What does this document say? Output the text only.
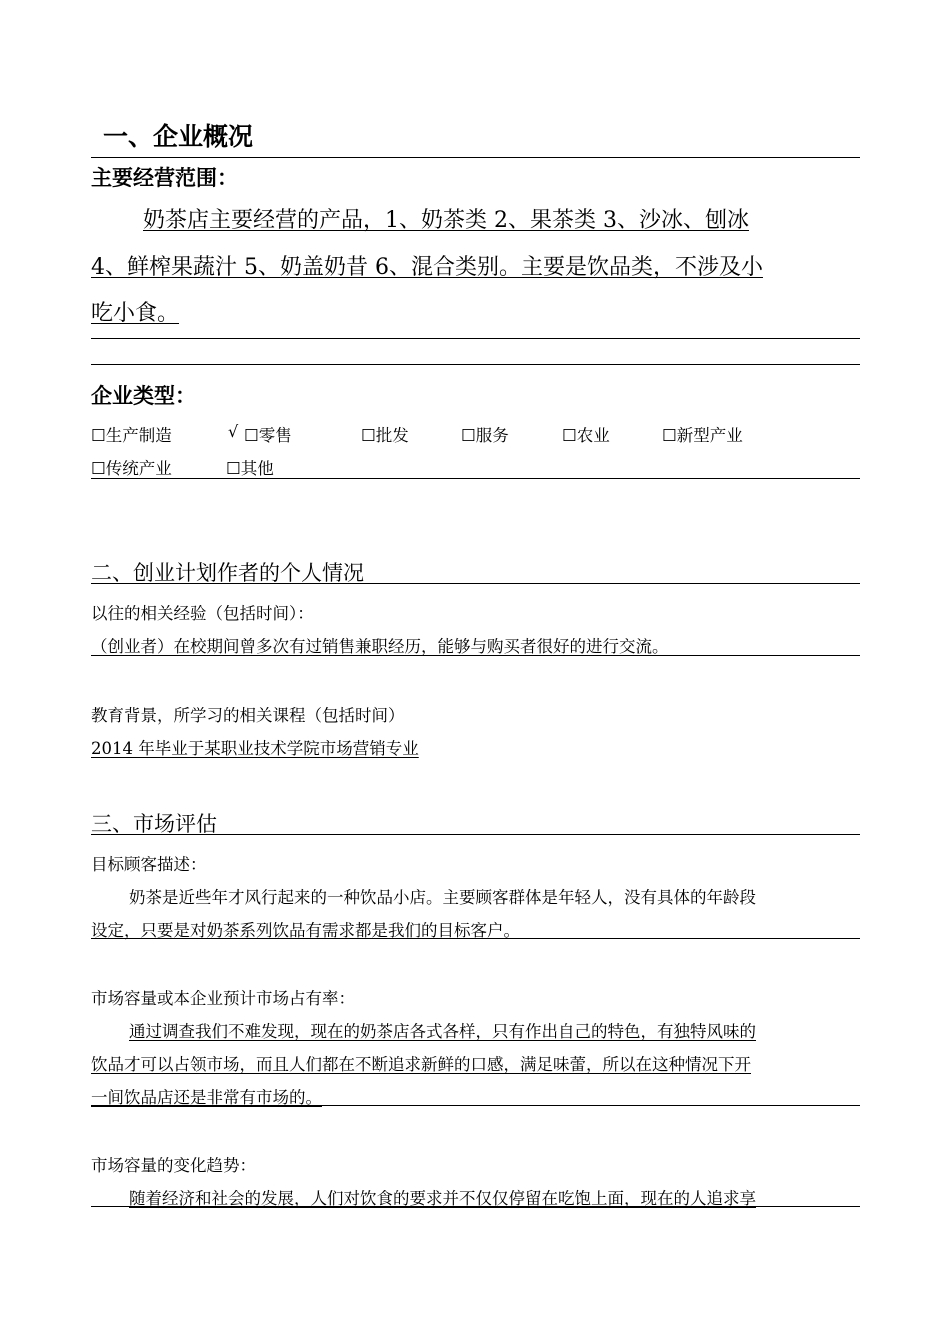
一、企业概况
主要经营范围：
奶茶店主要经营的产品，1、奶茶类 2、果茶类 3、沙冰、刨冰
4、鲜榨果蔬汁 5、奶盖奶昔 6、混合类别。主要是饮品类，不涉及小
吃小食。
企业类型：
☐生产制造	√ ☐零售	☐批发	☐服务	☐农业	☐新型产业
☐传统产业	☐其他
二、创业计划作者的个人情况
以往的相关经验（包括时间）：
（创业者）在校期间曾多次有过销售兼职经历，能够与购买者很好的进行交流。
教育背景，所学习的相关课程（包括时间）
2014 年毕业于某职业技术学院市场营销专业
三、市场评估
目标顾客描述：
奶茶是近些年才风行起来的一种饮品小店。主要顾客群体是年轻人，没有具体的年龄段
设定，只要是对奶茶系列饮品有需求都是我们的目标客户。
市场容量或本企业预计市场占有率：
通过调查我们不难发现，现在的奶茶店各式各样，只有作出自己的特色，有独特风味的
饮品才可以占领市场，而且人们都在不断追求新鲜的口感，满足味蕾，所以在这种情况下开
一间饮品店还是非常有市场的。
市场容量的变化趋势：
随着经济和社会的发展，人们对饮食的要求并不仅仅停留在吃饱上面，现在的人追求享
